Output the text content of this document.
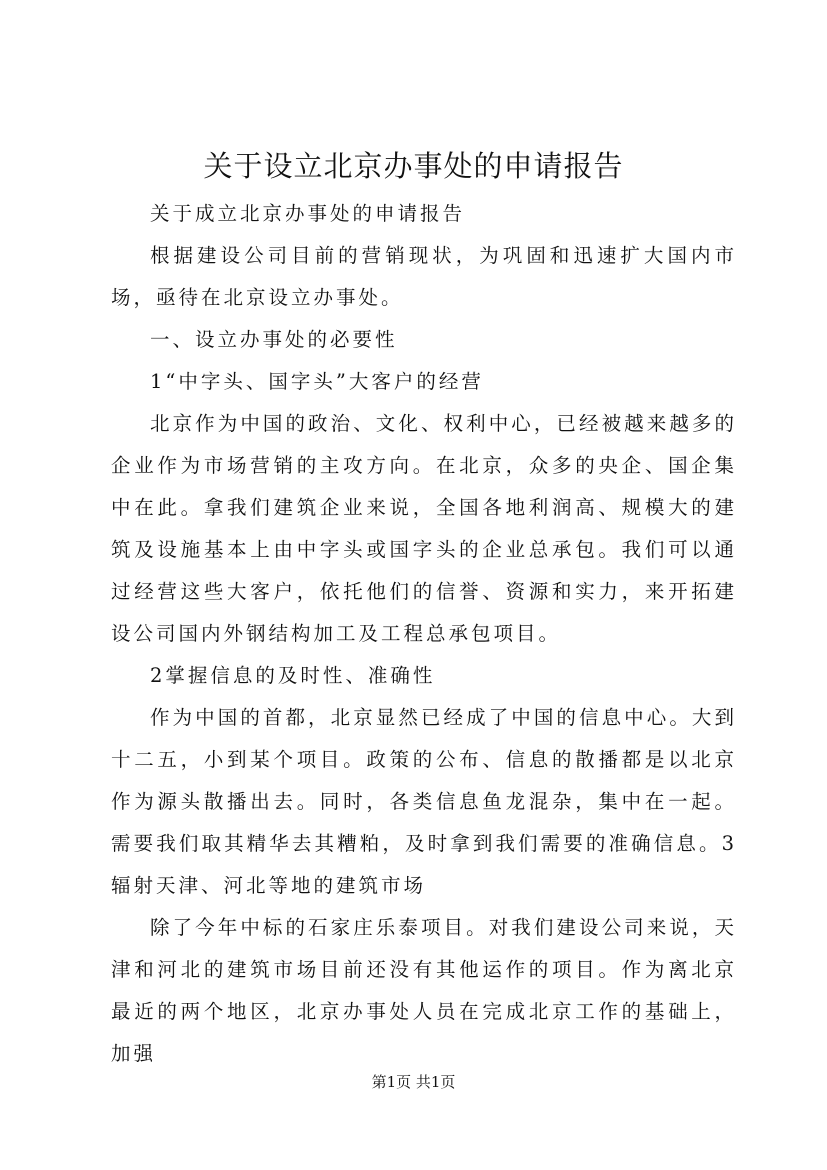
关于设立北京办事处的申请报告

关于成立北京办事处的申请报告

根据建设公司目前的营销现状，为巩固和迅速扩大国内市场，亟待在北京设立办事处。

一、设立办事处的必要性

1“中字头、国字头”大客户的经营

北京作为中国的政治、文化、权利中心，已经被越来越多的企业作为市场营销的主攻方向。在北京，众多的央企、国企集中在此。拿我们建筑企业来说，全国各地利润高、规模大的建筑及设施基本上由中字头或国字头的企业总承包。我们可以通过经营这些大客户，依托他们的信誉、资源和实力，来开拓建设公司国内外钢结构加工及工程总承包项目。

2掌握信息的及时性、准确性

作为中国的首都，北京显然已经成了中国的信息中心。大到十二五，小到某个项目。政策的公布、信息的散播都是以北京作为源头散播出去。同时，各类信息鱼龙混杂，集中在一起。需要我们取其精华去其糟粕，及时拿到我们需要的准确信息。3辐射天津、河北等地的建筑市场

除了今年中标的石家庄乐泰项目。对我们建设公司来说，天津和河北的建筑市场目前还没有其他运作的项目。作为离北京最近的两个地区，北京办事处人员在完成北京工作的基础上，加强

第1页 共1页
